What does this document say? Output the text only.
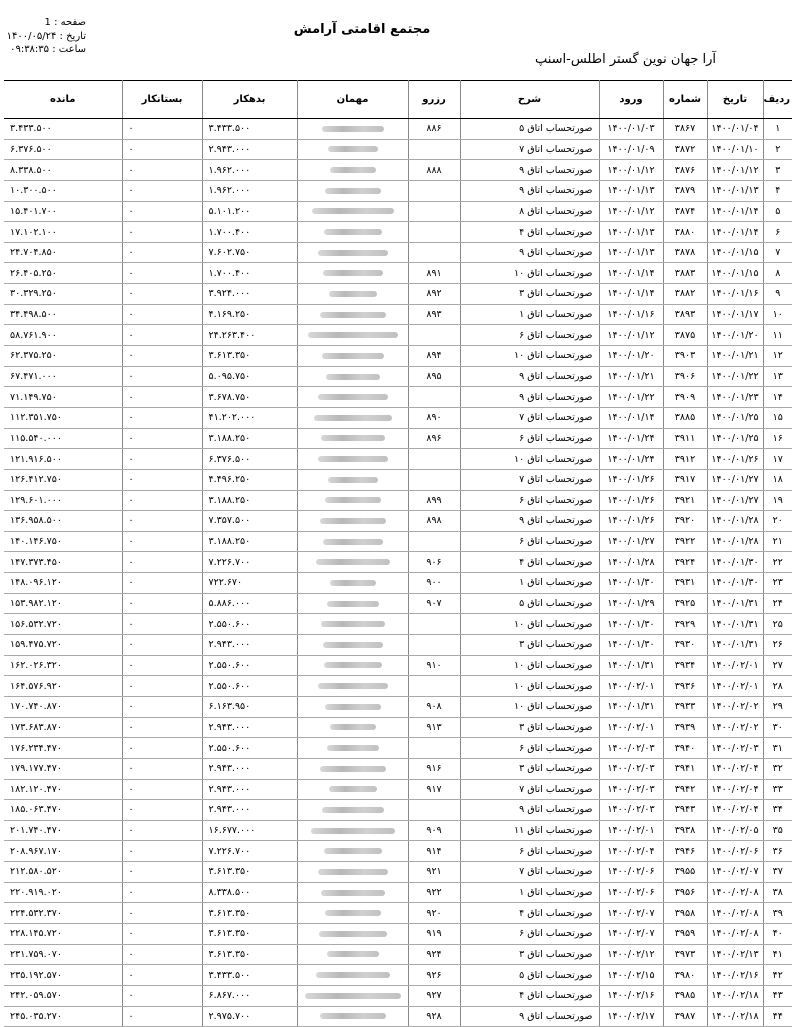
صفحه : 1
تاریخ : ۱۴۰۰/۰۵/۲۴
ساعت : ۰۹:۳۸:۳۵
مجتمع اقامتی آرامش
آرا جهان نوین گستر اطلس-اسنپ
ردیف	تاریخ	شماره	ورود	شرح	رزرو	مهمان	بدهکار	بستانکار	مانده
۱	۱۴۰۰/۰۱/۰۴	۳۸۶۷	۱۴۰۰/۰۱/۰۳	صورتحساب اتاق ۵	۸۸۶		۳.۴۳۳.۵۰۰	۰	۳.۴۳۳.۵۰۰
۲	۱۴۰۰/۰۱/۱۰	۳۸۷۲	۱۴۰۰/۰۱/۰۹	صورتحساب اتاق ۷			۲.۹۴۳.۰۰۰	۰	۶.۳۷۶.۵۰۰
۳	۱۴۰۰/۰۱/۱۲	۳۸۷۶	۱۴۰۰/۰۱/۱۲	صورتحساب اتاق ۹	۸۸۸		۱.۹۶۲.۰۰۰	۰	۸.۳۳۸.۵۰۰
۴	۱۴۰۰/۰۱/۱۳	۳۸۷۹	۱۴۰۰/۰۱/۱۳	صورتحساب اتاق ۹			۱.۹۶۲.۰۰۰	۰	۱۰.۳۰۰.۵۰۰
۵	۱۴۰۰/۰۱/۱۴	۳۸۷۴	۱۴۰۰/۰۱/۱۲	صورتحساب اتاق ۸			۵.۱۰۱.۲۰۰	۰	۱۵.۴۰۱.۷۰۰
۶	۱۴۰۰/۰۱/۱۴	۳۸۸۰	۱۴۰۰/۰۱/۱۳	صورتحساب اتاق ۴			۱.۷۰۰.۴۰۰	۰	۱۷.۱۰۲.۱۰۰
۷	۱۴۰۰/۰۱/۱۵	۳۸۷۸	۱۴۰۰/۰۱/۱۳	صورتحساب اتاق ۹			۷.۶۰۲.۷۵۰	۰	۲۴.۷۰۴.۸۵۰
۸	۱۴۰۰/۰۱/۱۵	۳۸۸۳	۱۴۰۰/۰۱/۱۴	صورتحساب اتاق ۱۰	۸۹۱		۱.۷۰۰.۴۰۰	۰	۲۶.۴۰۵.۲۵۰
۹	۱۴۰۰/۰۱/۱۶	۳۸۸۲	۱۴۰۰/۰۱/۱۴	صورتحساب اتاق ۳	۸۹۲		۳.۹۲۴.۰۰۰	۰	۳۰.۳۲۹.۲۵۰
۱۰	۱۴۰۰/۰۱/۱۷	۳۸۹۳	۱۴۰۰/۰۱/۱۶	صورتحساب اتاق ۱	۸۹۳		۴.۱۶۹.۲۵۰	۰	۳۴.۴۹۸.۵۰۰
۱۱	۱۴۰۰/۰۱/۲۰	۳۸۷۵	۱۴۰۰/۰۱/۱۲	صورتحساب اتاق ۶			۲۴.۲۶۳.۴۰۰	۰	۵۸.۷۶۱.۹۰۰
۱۲	۱۴۰۰/۰۱/۲۱	۳۹۰۳	۱۴۰۰/۰۱/۲۰	صورتحساب اتاق ۱۰	۸۹۴		۳.۶۱۳.۳۵۰	۰	۶۲.۳۷۵.۲۵۰
۱۳	۱۴۰۰/۰۱/۲۲	۳۹۰۶	۱۴۰۰/۰۱/۲۱	صورتحساب اتاق ۹	۸۹۵		۵.۰۹۵.۷۵۰	۰	۶۷.۴۷۱.۰۰۰
۱۴	۱۴۰۰/۰۱/۲۳	۳۹۰۹	۱۴۰۰/۰۱/۲۲	صورتحساب اتاق ۹			۳.۶۷۸.۷۵۰	۰	۷۱.۱۴۹.۷۵۰
۱۵	۱۴۰۰/۰۱/۲۵	۳۸۸۵	۱۴۰۰/۰۱/۱۴	صورتحساب اتاق ۷	۸۹۰		۴۱.۲۰۲.۰۰۰	۰	۱۱۲.۳۵۱.۷۵۰
۱۶	۱۴۰۰/۰۱/۲۵	۳۹۱۱	۱۴۰۰/۰۱/۲۴	صورتحساب اتاق ۶	۸۹۶		۳.۱۸۸.۲۵۰	۰	۱۱۵.۵۴۰.۰۰۰
۱۷	۱۴۰۰/۰۱/۲۶	۳۹۱۲	۱۴۰۰/۰۱/۲۴	صورتحساب اتاق ۱۰			۶.۳۷۶.۵۰۰	۰	۱۲۱.۹۱۶.۵۰۰
۱۸	۱۴۰۰/۰۱/۲۷	۳۹۱۷	۱۴۰۰/۰۱/۲۶	صورتحساب اتاق ۷			۴.۴۹۶.۲۵۰	۰	۱۲۶.۴۱۲.۷۵۰
۱۹	۱۴۰۰/۰۱/۲۷	۳۹۲۱	۱۴۰۰/۰۱/۲۶	صورتحساب اتاق ۶	۸۹۹		۳.۱۸۸.۲۵۰	۰	۱۲۹.۶۰۱.۰۰۰
۲۰	۱۴۰۰/۰۱/۲۸	۳۹۲۰	۱۴۰۰/۰۱/۲۶	صورتحساب اتاق ۹	۸۹۸		۷.۳۵۷.۵۰۰	۰	۱۳۶.۹۵۸.۵۰۰
۲۱	۱۴۰۰/۰۱/۲۸	۳۹۲۲	۱۴۰۰/۰۱/۲۷	صورتحساب اتاق ۶			۳.۱۸۸.۲۵۰	۰	۱۴۰.۱۴۶.۷۵۰
۲۲	۱۴۰۰/۰۱/۳۰	۳۹۲۴	۱۴۰۰/۰۱/۲۸	صورتحساب اتاق ۴	۹۰۶		۷.۲۲۶.۷۰۰	۰	۱۴۷.۳۷۳.۴۵۰
۲۳	۱۴۰۰/۰۱/۳۰	۳۹۳۱	۱۴۰۰/۰۱/۳۰	صورتحساب اتاق ۱	۹۰۰		۷۲۲.۶۷۰	۰	۱۴۸.۰۹۶.۱۲۰
۲۴	۱۴۰۰/۰۱/۳۱	۳۹۲۵	۱۴۰۰/۰۱/۲۹	صورتحساب اتاق ۵	۹۰۷		۵.۸۸۶.۰۰۰	۰	۱۵۳.۹۸۲.۱۲۰
۲۵	۱۴۰۰/۰۱/۳۱	۳۹۲۹	۱۴۰۰/۰۱/۳۰	صورتحساب اتاق ۱۰			۲.۵۵۰.۶۰۰	۰	۱۵۶.۵۳۲.۷۲۰
۲۶	۱۴۰۰/۰۱/۳۱	۳۹۳۰	۱۴۰۰/۰۱/۳۰	صورتحساب اتاق ۳			۲.۹۴۳.۰۰۰	۰	۱۵۹.۴۷۵.۷۲۰
۲۷	۱۴۰۰/۰۲/۰۱	۳۹۳۴	۱۴۰۰/۰۱/۳۱	صورتحساب اتاق ۱۰	۹۱۰		۲.۵۵۰.۶۰۰	۰	۱۶۲.۰۲۶.۳۲۰
۲۸	۱۴۰۰/۰۲/۰۱	۳۹۳۶	۱۴۰۰/۰۲/۰۱	صورتحساب اتاق ۱۰			۲.۵۵۰.۶۰۰	۰	۱۶۴.۵۷۶.۹۲۰
۲۹	۱۴۰۰/۰۲/۰۲	۳۹۳۳	۱۴۰۰/۰۱/۳۱	صورتحساب اتاق ۱۰	۹۰۸		۶.۱۶۳.۹۵۰	۰	۱۷۰.۷۴۰.۸۷۰
۳۰	۱۴۰۰/۰۲/۰۲	۳۹۳۹	۱۴۰۰/۰۲/۰۱	صورتحساب اتاق ۳	۹۱۳		۲.۹۴۳.۰۰۰	۰	۱۷۳.۶۸۳.۸۷۰
۳۱	۱۴۰۰/۰۲/۰۳	۳۹۴۰	۱۴۰۰/۰۲/۰۳	صورتحساب اتاق ۶			۲.۵۵۰.۶۰۰	۰	۱۷۶.۲۳۴.۴۷۰
۳۲	۱۴۰۰/۰۲/۰۴	۳۹۴۱	۱۴۰۰/۰۲/۰۳	صورتحساب اتاق ۳	۹۱۶		۲.۹۴۳.۰۰۰	۰	۱۷۹.۱۷۷.۴۷۰
۳۳	۱۴۰۰/۰۲/۰۴	۳۹۴۲	۱۴۰۰/۰۲/۰۳	صورتحساب اتاق ۷	۹۱۷		۲.۹۴۳.۰۰۰	۰	۱۸۲.۱۲۰.۴۷۰
۳۴	۱۴۰۰/۰۲/۰۴	۳۹۴۳	۱۴۰۰/۰۲/۰۳	صورتحساب اتاق ۹			۲.۹۴۳.۰۰۰	۰	۱۸۵.۰۶۳.۴۷۰
۳۵	۱۴۰۰/۰۲/۰۵	۳۹۳۸	۱۴۰۰/۰۲/۰۱	صورتحساب اتاق ۱۱	۹۰۹		۱۶.۶۷۷.۰۰۰	۰	۲۰۱.۷۴۰.۴۷۰
۳۶	۱۴۰۰/۰۲/۰۶	۳۹۴۶	۱۴۰۰/۰۲/۰۴	صورتحساب اتاق ۶	۹۱۴		۷.۲۲۶.۷۰۰	۰	۲۰۸.۹۶۷.۱۷۰
۳۷	۱۴۰۰/۰۲/۰۷	۳۹۵۵	۱۴۰۰/۰۲/۰۶	صورتحساب اتاق ۷	۹۲۱		۳.۶۱۳.۳۵۰	۰	۲۱۲.۵۸۰.۵۲۰
۳۸	۱۴۰۰/۰۲/۰۸	۳۹۵۶	۱۴۰۰/۰۲/۰۶	صورتحساب اتاق ۱	۹۲۲		۸.۳۳۸.۵۰۰	۰	۲۲۰.۹۱۹.۰۲۰
۳۹	۱۴۰۰/۰۲/۰۸	۳۹۵۸	۱۴۰۰/۰۲/۰۷	صورتحساب اتاق ۴	۹۲۰		۳.۶۱۳.۳۵۰	۰	۲۲۴.۵۳۲.۳۷۰
۴۰	۱۴۰۰/۰۲/۰۸	۳۹۵۹	۱۴۰۰/۰۲/۰۷	صورتحساب اتاق ۶	۹۱۹		۳.۶۱۳.۳۵۰	۰	۲۲۸.۱۴۵.۷۲۰
۴۱	۱۴۰۰/۰۲/۱۳	۳۹۷۳	۱۴۰۰/۰۲/۱۲	صورتحساب اتاق ۳	۹۲۴		۳.۶۱۳.۳۵۰	۰	۲۳۱.۷۵۹.۰۷۰
۴۲	۱۴۰۰/۰۲/۱۶	۳۹۸۰	۱۴۰۰/۰۲/۱۵	صورتحساب اتاق ۵	۹۲۶		۳.۴۳۳.۵۰۰	۰	۲۳۵.۱۹۲.۵۷۰
۴۳	۱۴۰۰/۰۲/۱۸	۳۹۸۵	۱۴۰۰/۰۲/۱۶	صورتحساب اتاق ۴	۹۲۷		۶.۸۶۷.۰۰۰	۰	۲۴۲.۰۵۹.۵۷۰
۴۴	۱۴۰۰/۰۲/۱۸	۳۹۸۷	۱۴۰۰/۰۲/۱۷	صورتحساب اتاق ۹	۹۲۸		۲.۹۷۵.۷۰۰	۰	۲۴۵.۰۳۵.۲۷۰
